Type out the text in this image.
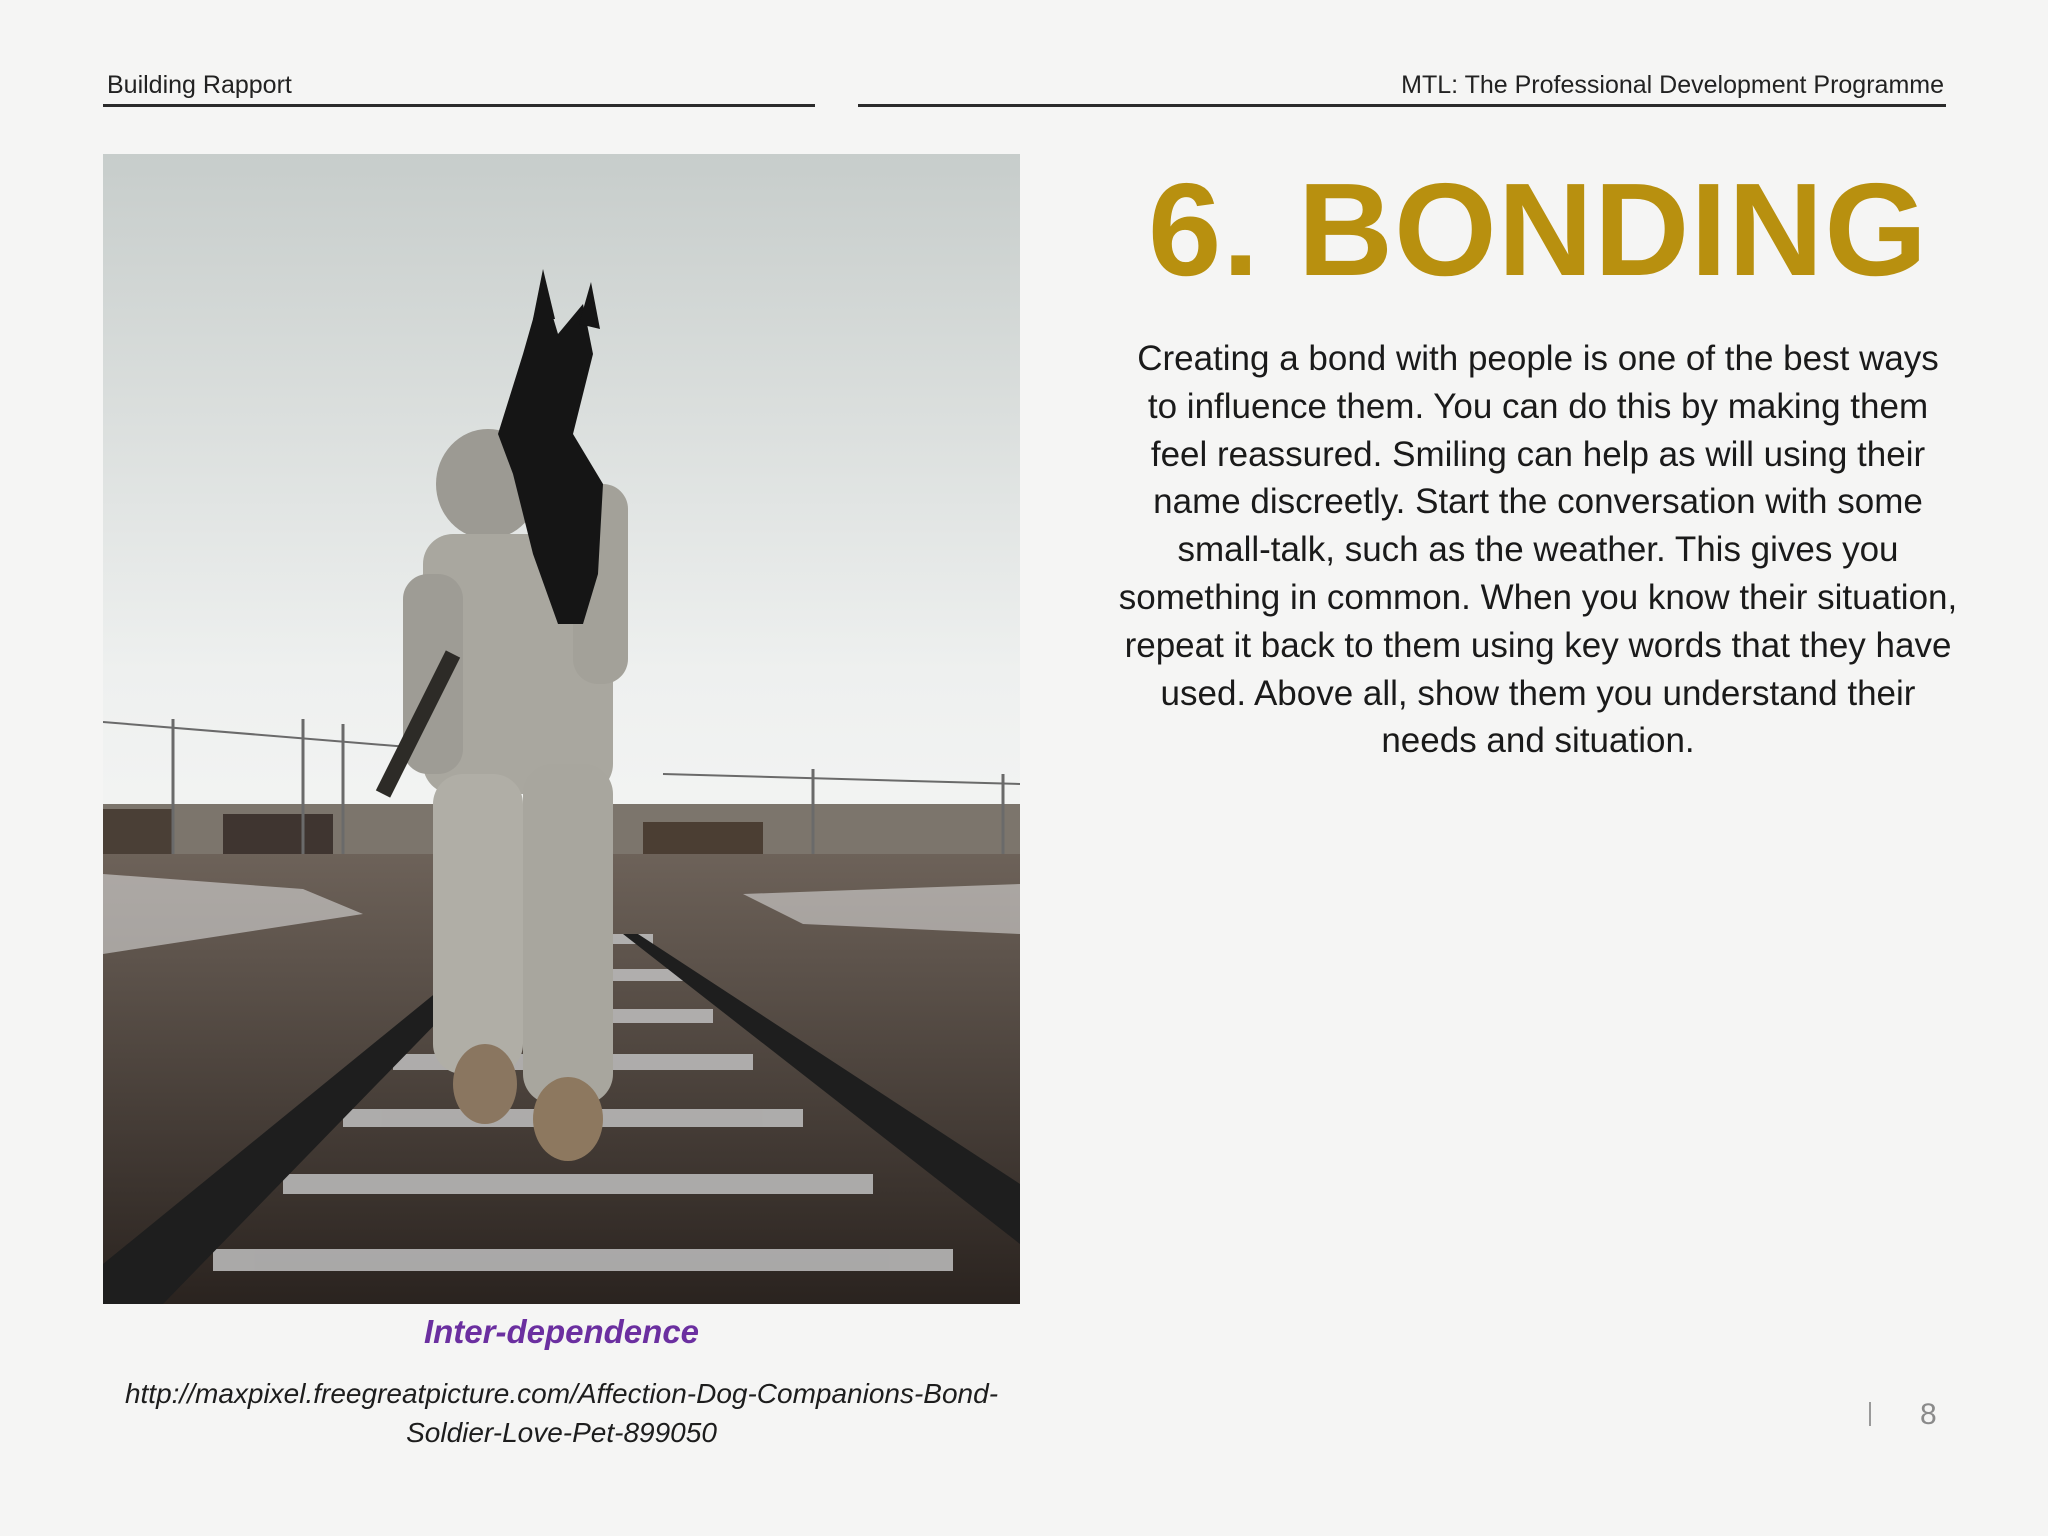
Building Rapport	MTL: The Professional Development Programme
Inter-dependence
http://maxpixel.freegreatpicture.com/Affection-Dog-Companions-Bond-Soldier-Love-Pet-899050
6. BONDING
Creating a bond with people is one of the best ways to influence them. You can do this by making them feel reassured. Smiling can help as will using their name discreetly. Start the conversation with some small-talk, such as the weather. This gives you something in common. When you know their situation, repeat it back to them using key words that they have used. Above all, show them you understand their needs and situation.
8
